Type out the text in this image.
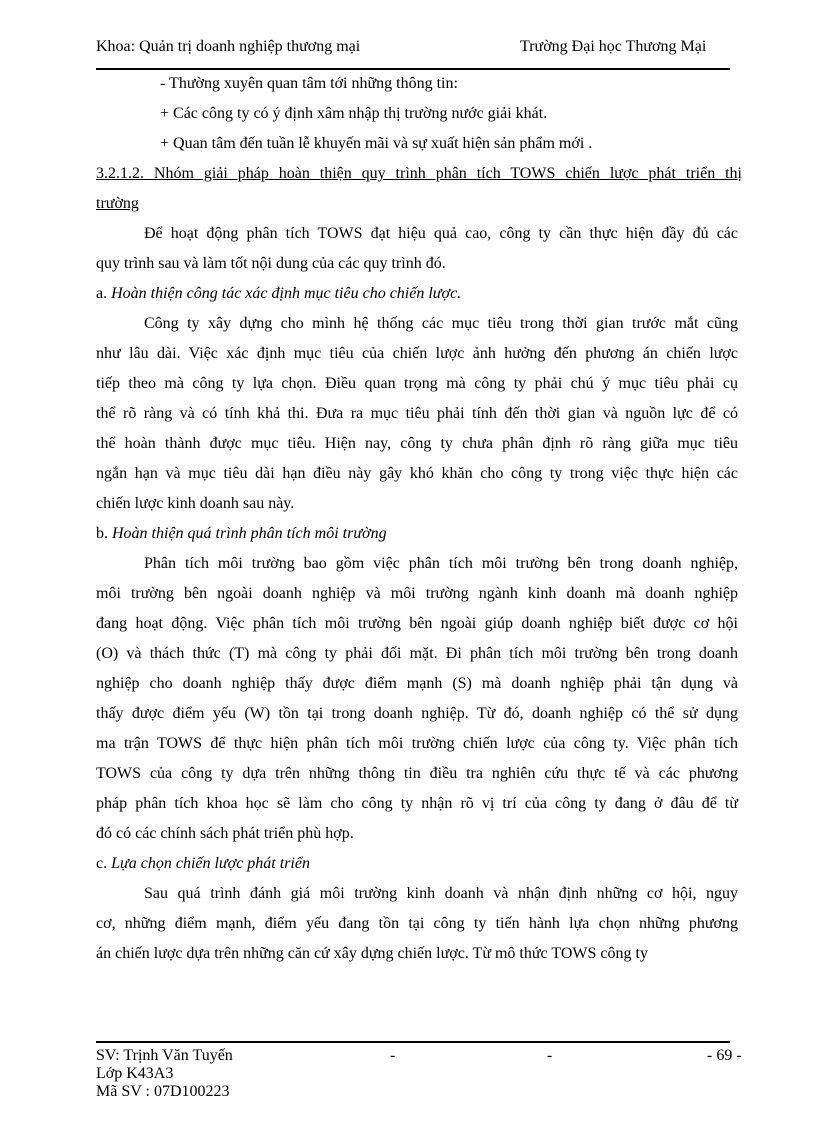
Khoa: Quản trị doanh nghiệp thương mại	Trường Đại học Thương Mại
- Thường xuyên quan tâm tới những thông tin:
+ Các công ty có ý định xâm nhập thị trường nước giải khát.
+ Quan tâm đến tuần lễ khuyến mãi và sự xuất hiện sản phẩm mới .
3.2.1.2. Nhóm giải pháp hoàn thiện quy trình phân tích TOWS chiến lược phát triển thị
trường
Để hoạt động phân tích TOWS đạt hiệu quả cao, công ty cần thực hiện đầy đủ các
quy trình sau và làm tốt nội dung của các quy trình đó.
a. Hoàn thiện công tác xác định mục tiêu cho chiến lược.
Công ty xây dựng cho mình hệ thống các mục tiêu trong thời gian trước mắt cũng
như lâu dài. Việc xác định mục tiêu của chiến lược ảnh hưởng đến phương án chiến lược
tiếp theo mà công ty lựa chọn. Điều quan trọng mà công ty phải chú ý mục tiêu phải cụ
thể rõ ràng và có tính khả thi. Đưa ra mục tiêu phải tính đến thời gian và nguồn lực để có
thể hoàn thành được mục tiêu. Hiện nay, công ty chưa phân định rõ ràng giữa mục tiêu
ngắn hạn và mục tiêu dài hạn điều này gây khó khăn cho công ty trong việc thực hiện các
chiến lược kinh doanh sau này.
b. Hoàn thiện quá trình phân tích môi trường
Phân tích môi trường bao gồm việc phân tích môi trường bên trong doanh nghiệp,
môi trường bên ngoài doanh nghiệp và môi trường ngành kinh doanh mà doanh nghiệp
đang hoạt động. Việc phân tích môi trường bên ngoài giúp doanh nghiệp biết được cơ hội
(O) và thách thức (T) mà công ty phải đối mặt. Đi phân tích môi trường bên trong doanh
nghiệp cho doanh nghiệp thấy được điểm mạnh (S) mà doanh nghiệp phải tận dụng và
thấy được điểm yếu (W) tồn tại trong doanh nghiệp. Từ đó, doanh nghiệp có thể sử dụng
ma trận TOWS để thực hiện phân tích môi trường chiến lược của công ty. Việc phân tích
TOWS của công ty dựa trên những thông tin điều tra nghiên cứu thực tế và các phương
pháp phân tích khoa học sẽ làm cho công ty nhận rõ vị trí của công ty đang ở đâu để từ
đó có các chính sách phát triển phù hợp.
c. Lựa chọn chiến lược phát triển
Sau quá trình đánh giá môi trường kinh doanh và nhận định những cơ hội, nguy
cơ, những điểm mạnh, điểm yếu đang tồn tại công ty tiến hành lựa chọn những phương
án chiến lược dựa trên những căn cứ xây dựng chiến lược. Từ mô thức TOWS công ty
SV: Trịnh Văn Tuyến	-	-	- 69 -
Lớp K43A3
Mã SV : 07D100223
